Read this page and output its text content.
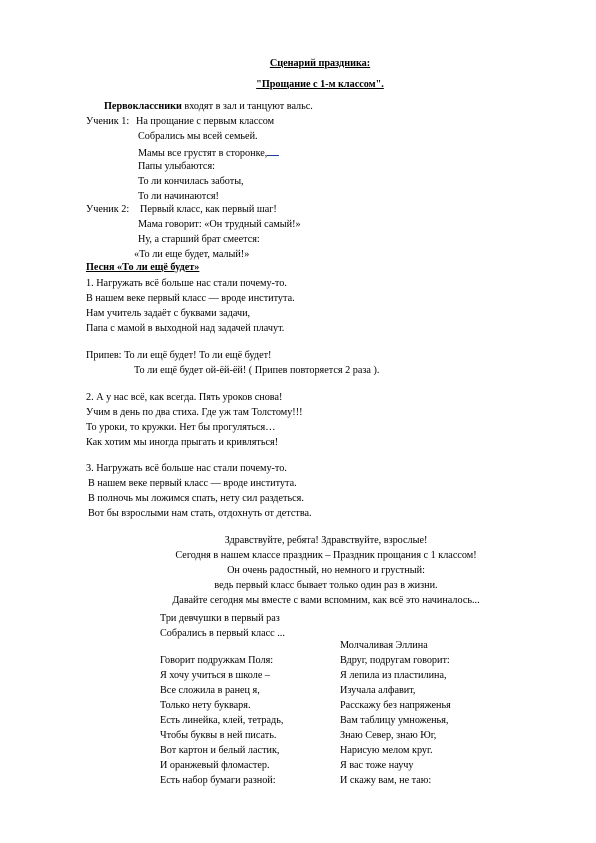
Сценарий праздника:
"Прощание с 1-м классом".
Первоклассники входят в зал и танцуют вальс.
Ученик 1: На прощание с первым классом
Собрались мы всей семьей.
Мамы все грустят в сторонке,
Папы улыбаются:
То ли кончилась заботы,
То ли начинаются!
Ученик 2: Первый класс, как первый шаг!
Мама говорит: «Он трудный самый!»
Ну, а старший брат смеется:
«То ли еще будет, малый!»
Песня «То ли ещё будет»
1. Нагружать всё больше нас стали почему-то.
В нашем веке первый класс — вроде института.
Нам учитель задаёт с буквами задачи,
Папа с мамой в выходной над задачей плачут.
Припев: То ли ещё будет! То ли ещё будет!
То ли ещё будет ой-ёй-ёй! ( Припев повторяется 2 раза ).
2. А у нас всё, как всегда. Пять уроков снова!
Учим в день по два стиха. Где уж там Толстому!!!
То уроки, то кружки. Нет бы прогуляться…
Как хотим мы иногда прыгать и кривляться!
3. Нагружать всё больше нас стали почему-то.
В нашем веке первый класс — вроде института.
В полночь мы ложимся спать, нету сил раздеться.
Вот бы взрослыми нам стать, отдохнуть от детства.
Здравствуйте, ребята! Здравствуйте, взрослые!
Сегодня в нашем классе праздник – Праздник прощания с 1 классом!
Он очень радостный, но немного и грустный:
ведь первый класс бывает только один раз в жизни.
Давайте сегодня мы вместе с вами вспомним, как всё это начиналось...
Три девчушки в первый раз
Собрались в первый класс ...
Молчаливая Эллина
Вдруг, подругам говорит:
Я лепила из пластилина,
Изучала алфавит,
Расскажу без напряженья
Вам таблицу умноженья,
Знаю Север, знаю Юг,
Нарисую мелом круг.
Я вас тоже научу
И скажу вам, не таю:
Говорит подружкам Поля:
Я хочу учиться в школе –
Все сложила в ранец я,
Только нету букваря.
Есть линейка, клей, тетрадь,
Чтобы буквы в ней писать.
Вот картон и белый ластик,
И оранжевый фломастер.
Есть набор бумаги разной:
